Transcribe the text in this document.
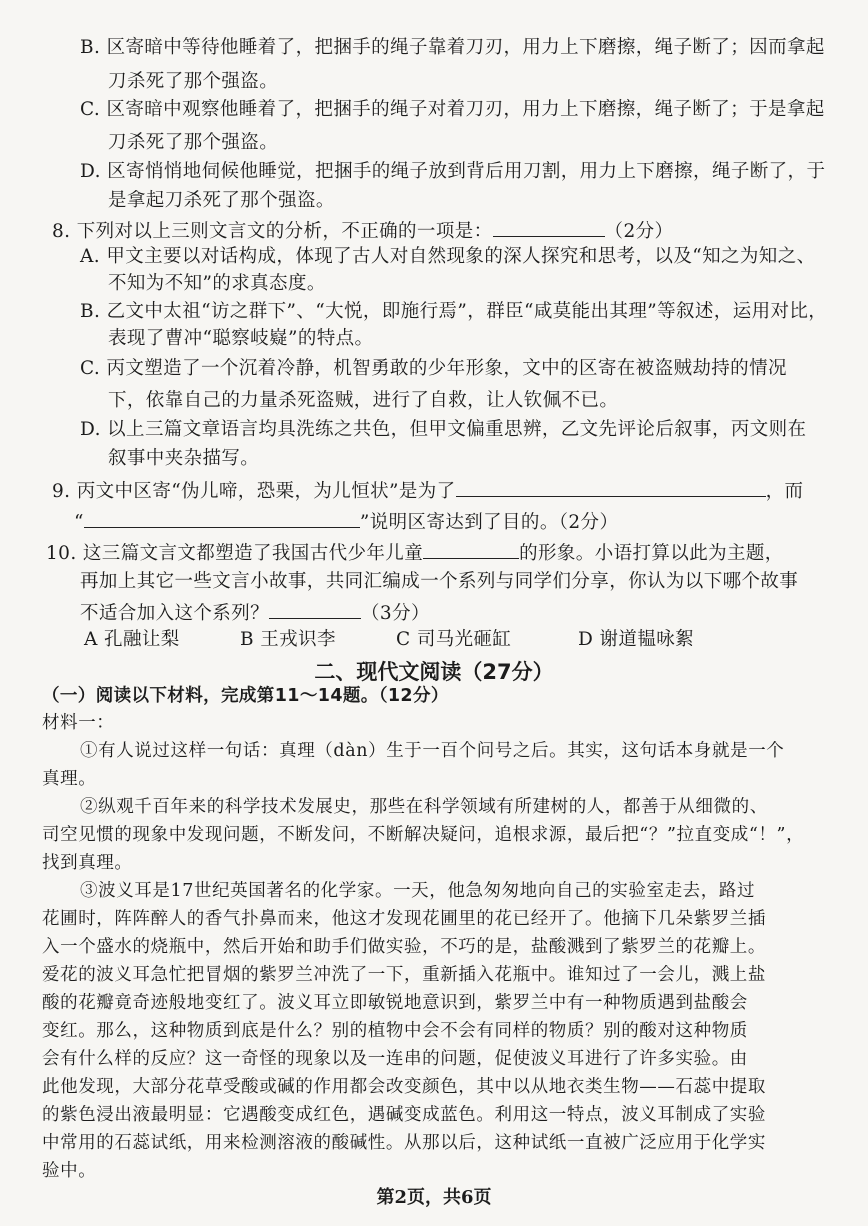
B. 区寄暗中等待他睡着了，把捆手的绳子靠着刀刃，用力上下磨擦，绳子断了；因而拿起
刀杀死了那个强盗。
C. 区寄暗中观察他睡着了，把捆手的绳子对着刀刃，用力上下磨擦，绳子断了；于是拿起
刀杀死了那个强盗。
D. 区寄悄悄地伺候他睡觉，把捆手的绳子放到背后用刀割，用力上下磨擦，绳子断了，于
是拿起刀杀死了那个强盗。
8. 下列对以上三则文言文的分析，不正确的一项是：	（2分）
A. 甲文主要以对话构成，体现了古人对自然现象的深人探究和思考，以及“知之为知之、
不知为不知”的求真态度。
B. 乙文中太祖“访之群下”、“大悦，即施行焉”，群臣“咸莫能出其理”等叙述，运用对比，
表现了曹冲“聪察岐嶷”的特点。
C. 丙文塑造了一个沉着冷静，机智勇敢的少年形象，文中的区寄在被盗贼劫持的情况
下，依靠自己的力量杀死盗贼，进行了自救，让人钦佩不已。
D. 以上三篇文章语言均具洗练之共色，但甲文偏重思辨，乙文先评论后叙事，丙文则在
叙事中夹杂描写。
9. 丙文中区寄“伪儿啼，恐栗，为儿恒状”是为了	，而
“	”说明区寄达到了目的。（2分）
10. 这三篇文言文都塑造了我国古代少年儿童	的形象。小语打算以此为主题，
再加上其它一些文言小故事，共同汇编成一个系列与同学们分享，你认为以下哪个故事
不适合加入这个系列？	（3分）
A 孔融让梨	B 王戎识李	C 司马光砸缸	D 谢道韫咏絮
二、现代文阅读（27分）
（一）阅读以下材料，完成第11～14题。（12分）
材料一：
①有人说过这样一句话：真理（dàn）生于一百个问号之后。其实，这句话本身就是一个
真理。
②纵观千百年来的科学技术发展史，那些在科学领域有所建树的人，都善于从细微的、
司空见惯的现象中发现问题，不断发问，不断解决疑问，追根求源，最后把“？”拉直变成“！”，
找到真理。
③波义耳是17世纪英国著名的化学家。一天，他急匆匆地向自己的实验室走去，路过
花圃时，阵阵醉人的香气扑鼻而来，他这才发现花圃里的花已经开了。他摘下几朵紫罗兰插
入一个盛水的烧瓶中，然后开始和助手们做实验，不巧的是，盐酸溅到了紫罗兰的花瓣上。
爱花的波义耳急忙把冒烟的紫罗兰冲洗了一下，重新插入花瓶中。谁知过了一会儿，溅上盐
酸的花瓣竟奇迹般地变红了。波义耳立即敏锐地意识到，紫罗兰中有一种物质遇到盐酸会
变红。那么，这种物质到底是什么？别的植物中会不会有同样的物质？别的酸对这种物质
会有什么样的反应？这一奇怪的现象以及一连串的问题，促使波义耳进行了许多实验。由
此他发现，大部分花草受酸或碱的作用都会改变颜色，其中以从地衣类生物——石蕊中提取
的紫色浸出液最明显：它遇酸变成红色，遇碱变成蓝色。利用这一特点，波义耳制成了实验
中常用的石蕊试纸，用来检测溶液的酸碱性。从那以后，这种试纸一直被广泛应用于化学实
验中。
第2页，共6页
